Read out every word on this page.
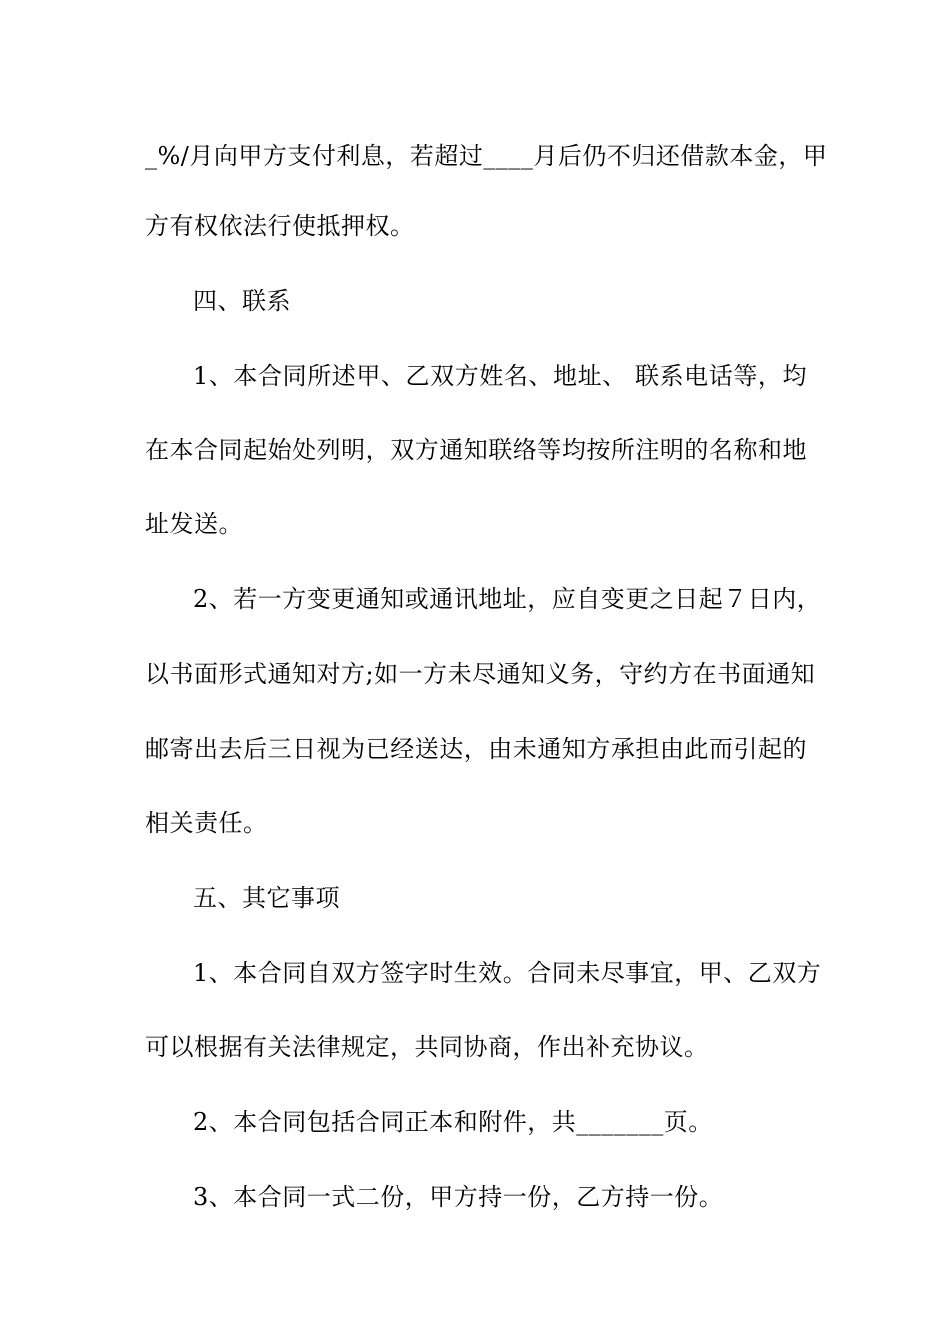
_%/月向甲方支付利息，若超过____月后仍不归还借款本金，甲
方有权依法行使抵押权。
四、联系
1、本合同所述甲、乙双方姓名、地址、 联系电话等，均
在本合同起始处列明，双方通知联络等均按所注明的名称和地
址发送。
2、若一方变更通知或通讯地址，应自变更之日起７日内，
以书面形式通知对方;如一方未尽通知义务，守约方在书面通知
邮寄出去后三日视为已经送达，由未通知方承担由此而引起的
相关责任。
五、其它事项
1、本合同自双方签字时生效。合同未尽事宜，甲、乙双方
可以根据有关法律规定，共同协商，作出补充协议。
2、本合同包括合同正本和附件，共_______页。
3、本合同一式二份，甲方持一份，乙方持一份。
